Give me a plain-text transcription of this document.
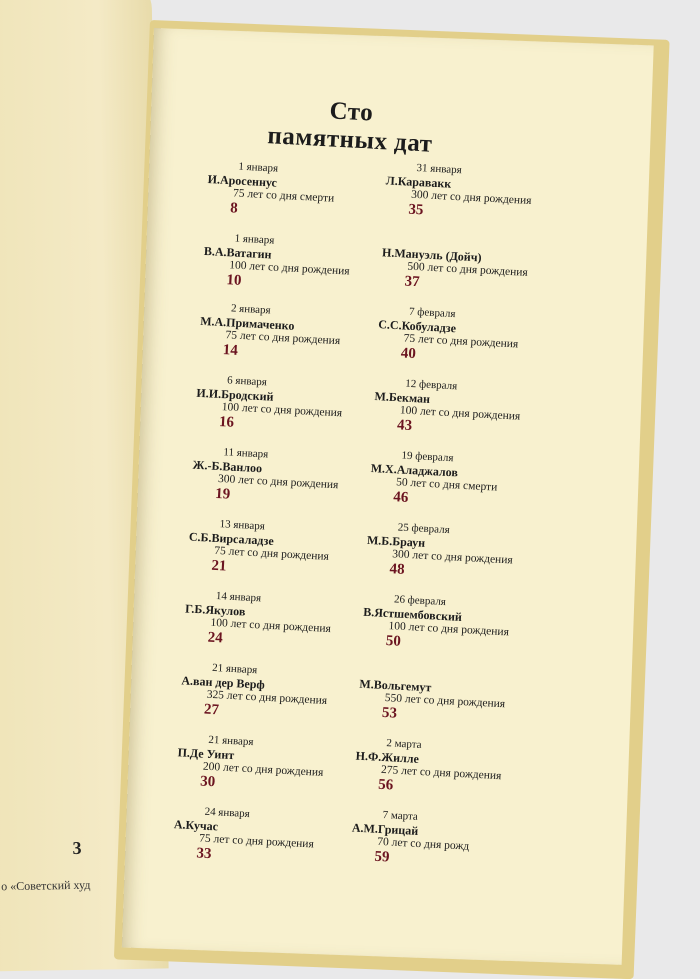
3
о «Советский худ
Сто
памятных дат
1 января
И.Аросеннус
75 лет со дня смерти
8
1 января
В.А.Ватагин
100 лет со дня рождения
10
2 января
М.А.Примаченко
75 лет со дня рождения
14
6 января
И.И.Бродский
100 лет со дня рождения
16
11 января
Ж.-Б.Ванлоо
300 лет со дня рождения
19
13 января
С.Б.Вирсаладзе
75 лет со дня рождения
21
14 января
Г.Б.Якулов
100 лет со дня рождения
24
21 января
А.ван дер Верф
325 лет со дня рождения
27
21 января
П.Де Уинт
200 лет со дня рождения
30
24 января
А.Кучас
75 лет со дня рождения
33
31 января
Л.Каравакк
300 лет со дня рождения
35
Н.Мануэль (Дойч)
500 лет со дня рождения
37
7 февраля
С.С.Кобуладзе
75 лет со дня рождения
40
12 февраля
М.Бекман
100 лет со дня рождения
43
19 февраля
М.Х.Аладжалов
50 лет со дня смерти
46
25 февраля
М.Б.Браун
300 лет со дня рождения
48
26 февраля
В.Ястшембовский
100 лет со дня рождения
50
М.Вольгемут
550 лет со дня рождения
53
2 марта
Н.Ф.Жилле
275 лет со дня рождения
56
7 марта
А.М.Грицай
70 лет со дня рожд
59
